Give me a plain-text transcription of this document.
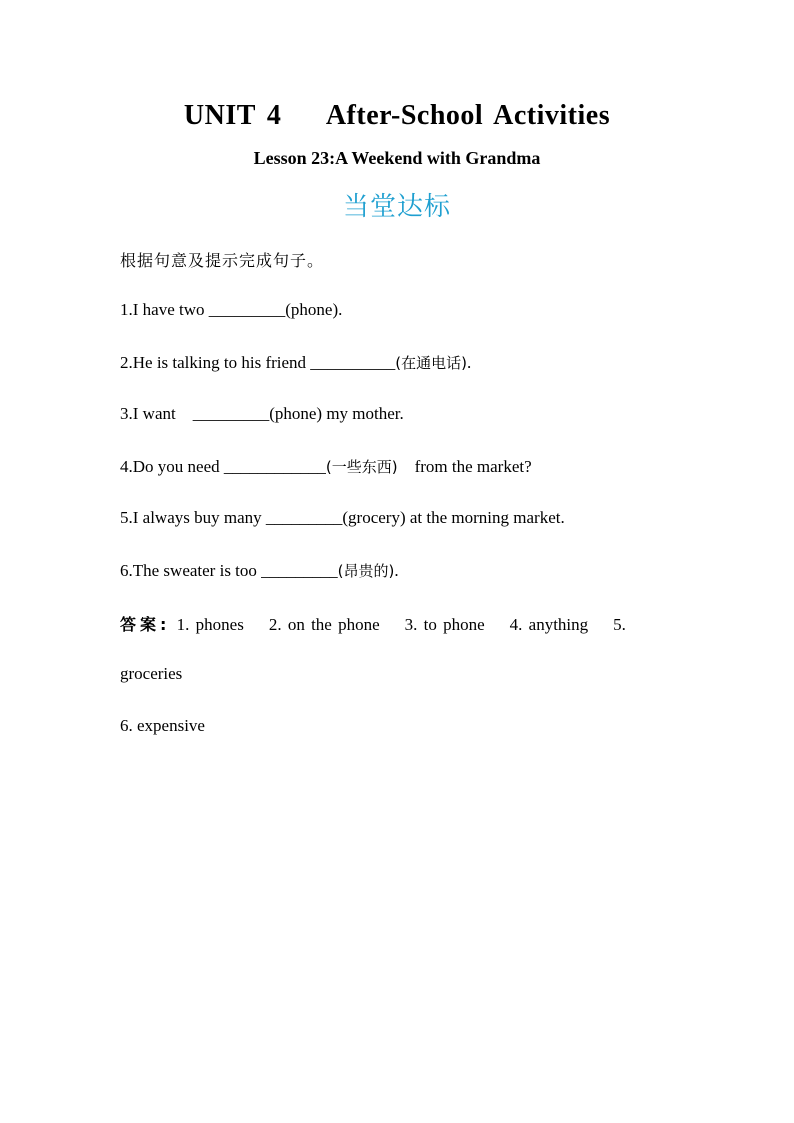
UNIT 4    After-School Activities
Lesson 23:A Weekend with Grandma
当堂达标
根据句意及提示完成句子。
1.I have two _________(phone).
2.He is talking to his friend __________(在通电话).
3.I want    _________(phone) my mother.
4.Do you need ____________(一些东西)    from the market?
5.I always buy many _________(grocery) at the morning market.
6.The sweater is too _________(昂贵的).
答案: 1. phones    2. on the phone    3. to phone    4. anything    5.
groceries
6. expensive
